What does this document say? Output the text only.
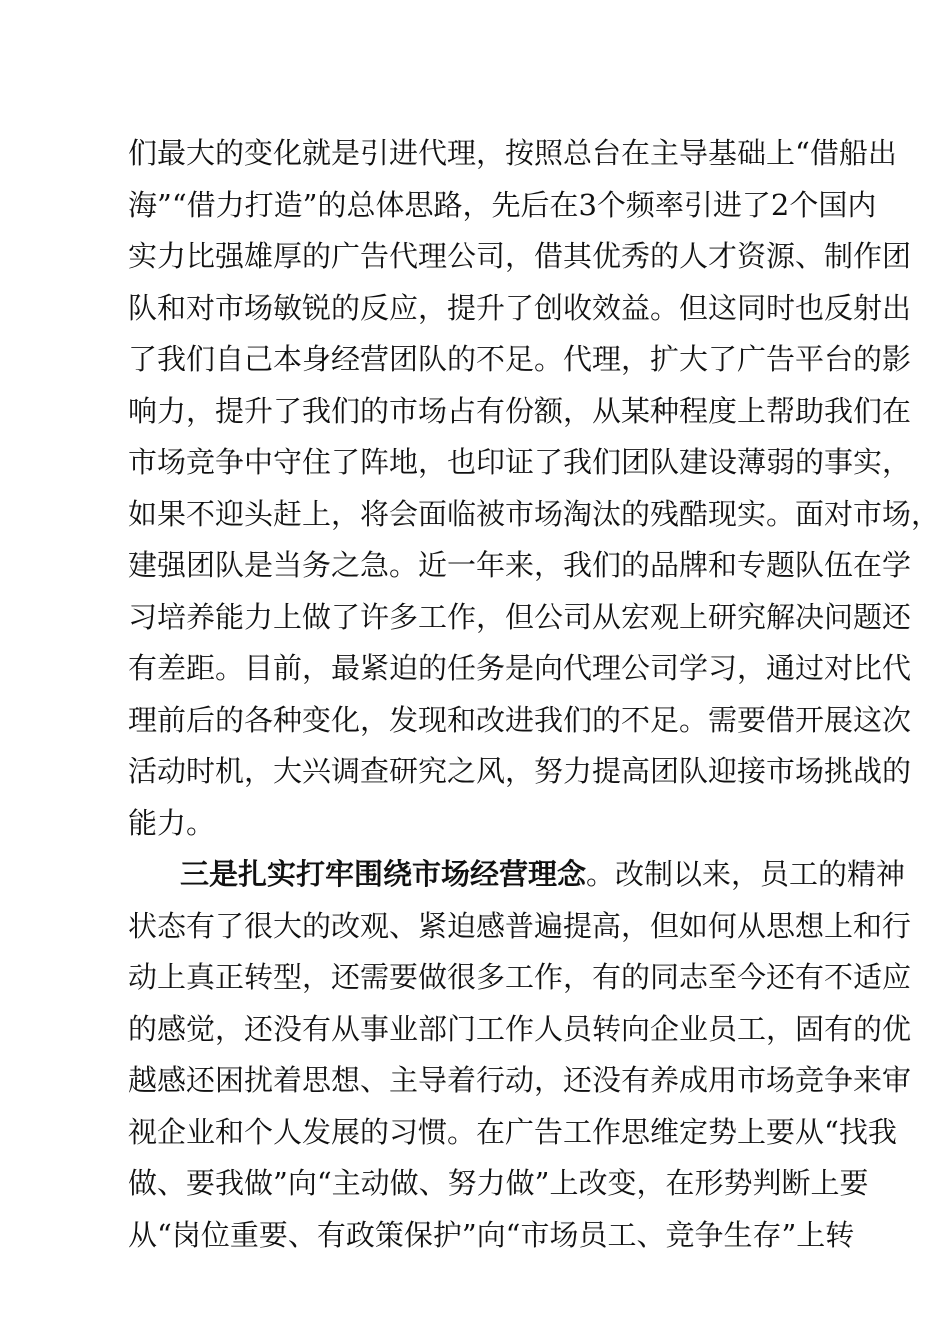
们最大的变化就是引进代理，按照总台在主导基础上“借船出
海”“借力打造”的总体思路，先后在3个频率引进了2个国内
实力比强雄厚的广告代理公司，借其优秀的人才资源、制作团
队和对市场敏锐的反应，提升了创收效益。但这同时也反射出
了我们自己本身经营团队的不足。代理，扩大了广告平台的影
响力，提升了我们的市场占有份额，从某种程度上帮助我们在
市场竞争中守住了阵地，也印证了我们团队建设薄弱的事实，
如果不迎头赶上，将会面临被市场淘汰的残酷现实。面对市场，
建强团队是当务之急。近一年来，我们的品牌和专题队伍在学
习培养能力上做了许多工作，但公司从宏观上研究解决问题还
有差距。目前，最紧迫的任务是向代理公司学习，通过对比代
理前后的各种变化，发现和改进我们的不足。需要借开展这次
活动时机，大兴调查研究之风，努力提高团队迎接市场挑战的
能力。
三是扎实打牢围绕市场经营理念。改制以来，员工的精神
状态有了很大的改观、紧迫感普遍提高，但如何从思想上和行
动上真正转型，还需要做很多工作，有的同志至今还有不适应
的感觉，还没有从事业部门工作人员转向企业员工，固有的优
越感还困扰着思想、主导着行动，还没有养成用市场竞争来审
视企业和个人发展的习惯。在广告工作思维定势上要从“找我
做、要我做”向“主动做、努力做”上改变，在形势判断上要
从“岗位重要、有政策保护”向“市场员工、竞争生存”上转
